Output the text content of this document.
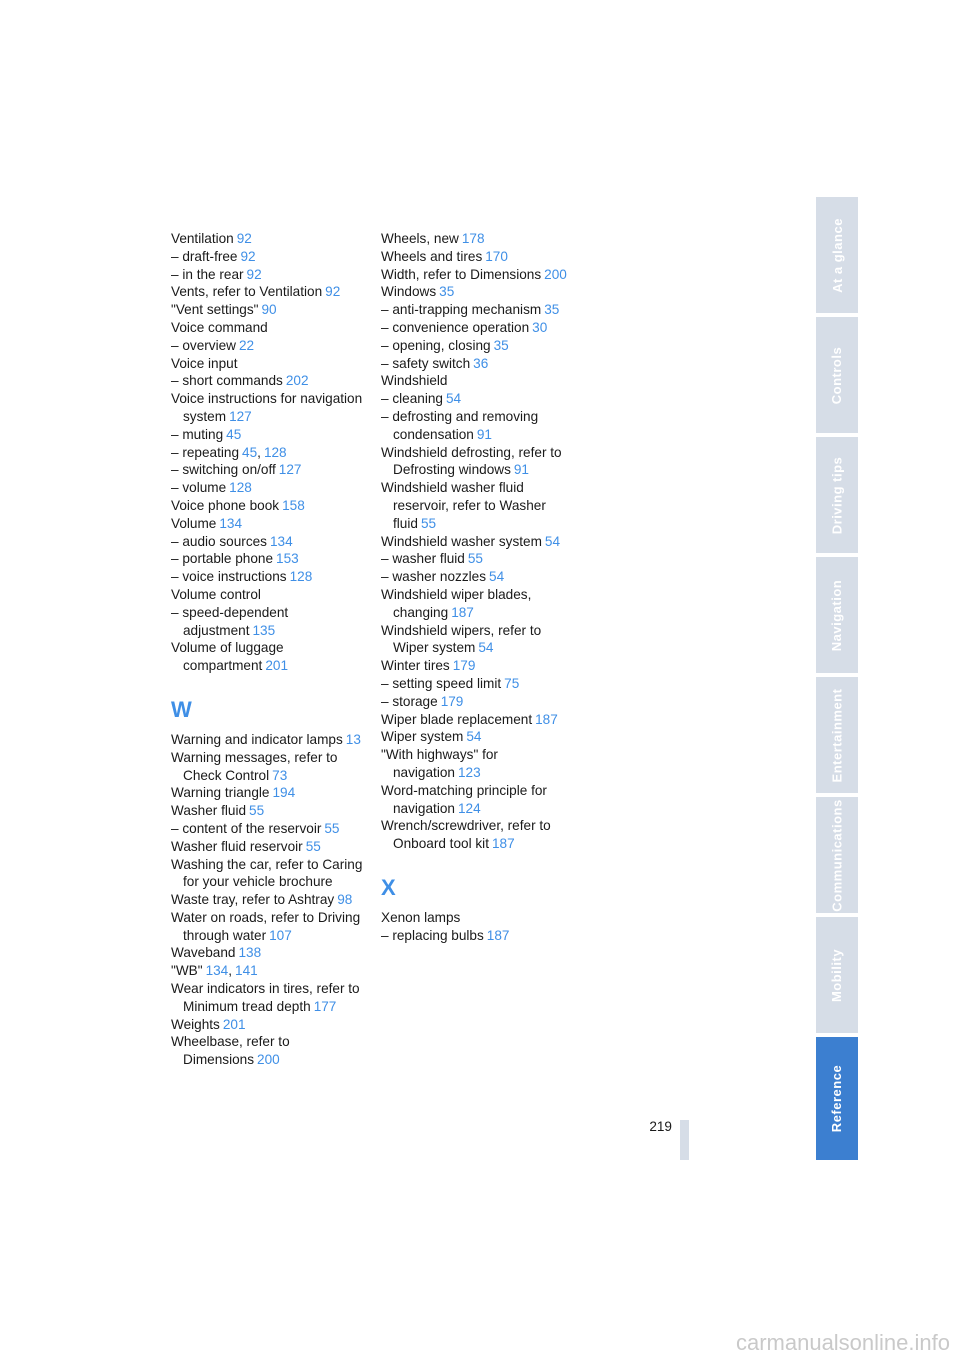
Ventilation 92

– draft-free 92

– in the rear 92

Vents, refer to Ventilation 92

"Vent settings" 90

Voice command

– overview 22

Voice input

– short commands 202

Voice instructions for navigation system 127

– muting 45

– repeating 45, 128

– switching on/off 127

– volume 128

Voice phone book 158

Volume 134

– audio sources 134

– portable phone 153

– voice instructions 128

Volume control

– speed-dependent adjustment 135

Volume of luggage compartment 201

W

Warning and indicator lamps 13

Warning messages, refer to Check Control 73

Warning triangle 194

Washer fluid 55

– content of the reservoir 55

Washer fluid reservoir 55

Washing the car, refer to Caring for your vehicle brochure

Waste tray, refer to Ashtray 98

Water on roads, refer to Driving through water 107

Waveband 138

"WB" 134, 141

Wear indicators in tires, refer to Minimum tread depth 177

Weights 201

Wheelbase, refer to Dimensions 200

Wheels, new 178

Wheels and tires 170

Width, refer to Dimensions 200

Windows 35

– anti-trapping mechanism 35

– convenience operation 30

– opening, closing 35

– safety switch 36

Windshield

– cleaning 54

– defrosting and removing condensation 91

Windshield defrosting, refer to Defrosting windows 91

Windshield washer fluid reservoir, refer to Washer fluid 55

Windshield washer system 54

– washer fluid 55

– washer nozzles 54

Windshield wiper blades, changing 187

Windshield wipers, refer to Wiper system 54

Winter tires 179

– setting speed limit 75

– storage 179

Wiper blade replacement 187

Wiper system 54

"With highways" for navigation 123

Word-matching principle for navigation 124

Wrench/screwdriver, refer to Onboard tool kit 187

X

Xenon lamps

– replacing bulbs 187

At a glance
Controls
Driving tips
Navigation
Entertainment
Communications
Mobility
Reference
219
carmanualsonline.info
